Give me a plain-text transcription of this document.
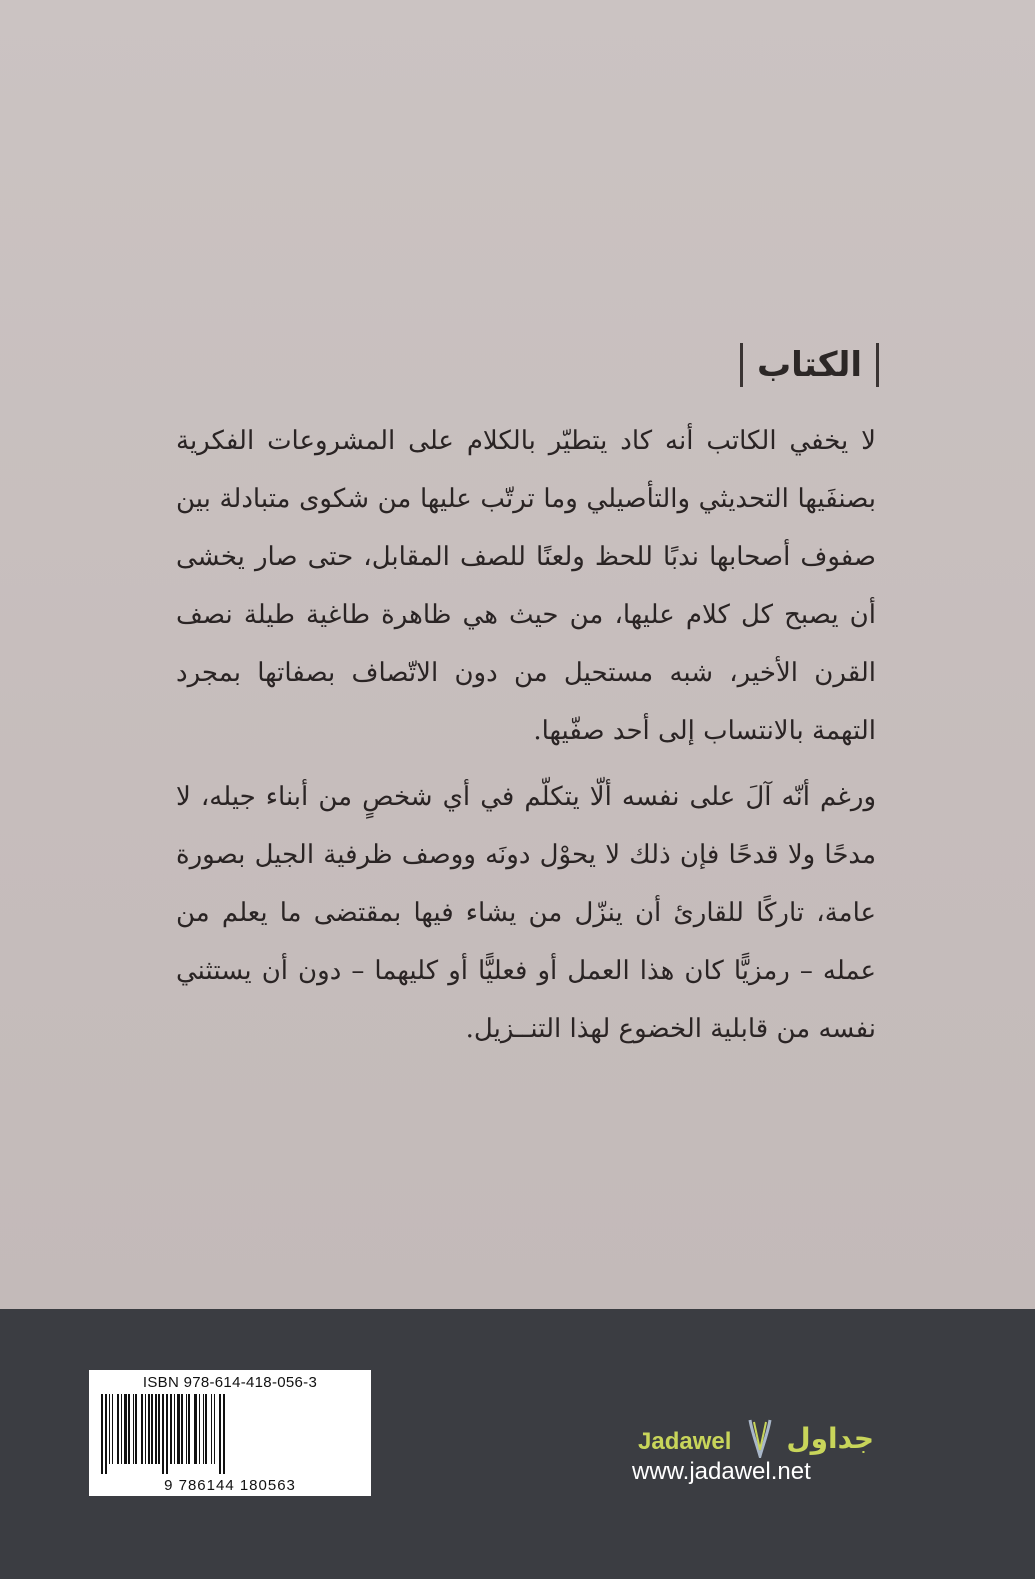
الكتاب

لا يخفي الكاتب أنه كاد يتطيّر بالكلام على المشروعات الفكرية بصنفَيها التحديثي والتأصيلي وما ترتّب عليها من شكوى متبادلة بين صفوف أصحابها ندبًا للحظ ولعنًا للصف المقابل، حتى صار يخشى أن يصبح كل كلام عليها، من حيث هي ظاهرة طاغية طيلة نصف القرن الأخير، شبه مستحيل من دون الاتّصاف بصفاتها بمجرد التهمة بالانتساب إلى أحد صفّيها.

ورغم أنّه آلَ على نفسه ألّا يتكلّم في أي شخصٍ من أبناء جيله، لا مدحًا ولا قدحًا فإن ذلك لا يحوْل دونَه ووصف ظرفية الجيل بصورة عامة، تاركًا للقارئ أن ينزّل من يشاء فيها بمقتضى ما يعلم من عمله – رمزيًّا كان هذا العمل أو فعليًّا أو كليهما – دون أن يستثني نفسه من قابلية الخضوع لهذا التنــزيل.

ISBN 978-614-418-056-3
9 786144 180563
Jadawel جداول
www.jadawel.net
